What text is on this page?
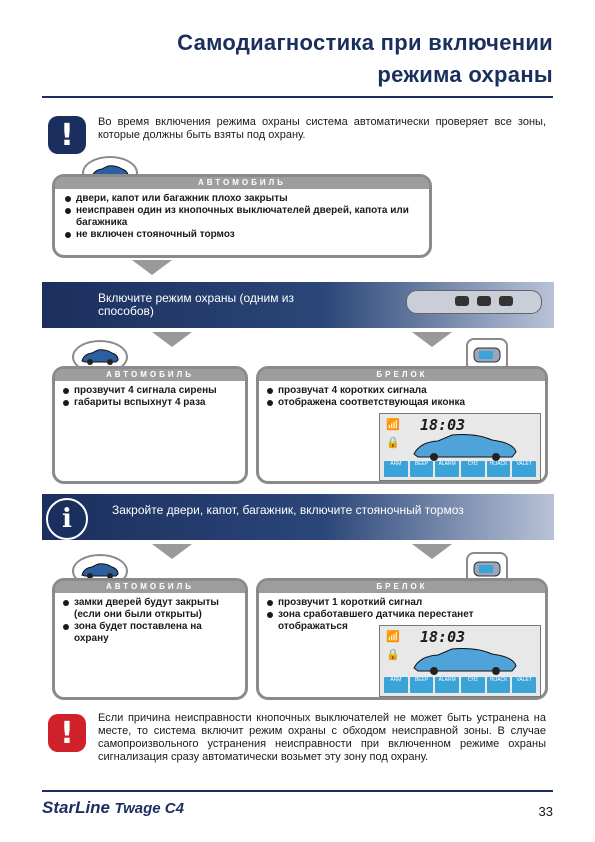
Самодиагностика при включении
режима охраны
! Во время включения режима охраны система автоматически проверяет все зоны, которые должны быть взяты под охрану.
АВТОМОБИЛЬ
двери, капот или багажник плохо закрыты
неисправен один из кнопочных выключателей дверей, капота или багажника
не включен стояночный тормоз
Включите режим охраны (одним из способов)
АВТОМОБИЛЬ
прозвучит 4 сигнала сирены
габариты вспыхнут 4 раза
БРЕЛОК
прозвучат 4 коротких сигнала
отображена соответствующая иконка
📶 18:03
🔒
ARM	BEEP	ALARM	CH2	HIJACK	VALET
Закройте двери, капот, багажник, включите стояночный тормоз
i
АВТОМОБИЛЬ
замки дверей будут закрыты (если они были открыты)
зона будет поставлена на охрану
БРЕЛОК
прозвучит 1 короткий сигнал
зона сработавшего датчика перестанет отображаться
📶 18:03
🔒
ARM	BEEP	ALARM	CH2	HIJACK	VALET
! Если причина неисправности кнопочных выключателей не может быть устранена на месте, то система включит режим охраны с обходом неисправной зоны. В случае самопроизвольного устранения неисправности при включенном режиме охраны сигнализация сразу автоматически возьмет эту зону под охрану.
StarLine Twage C4	33
